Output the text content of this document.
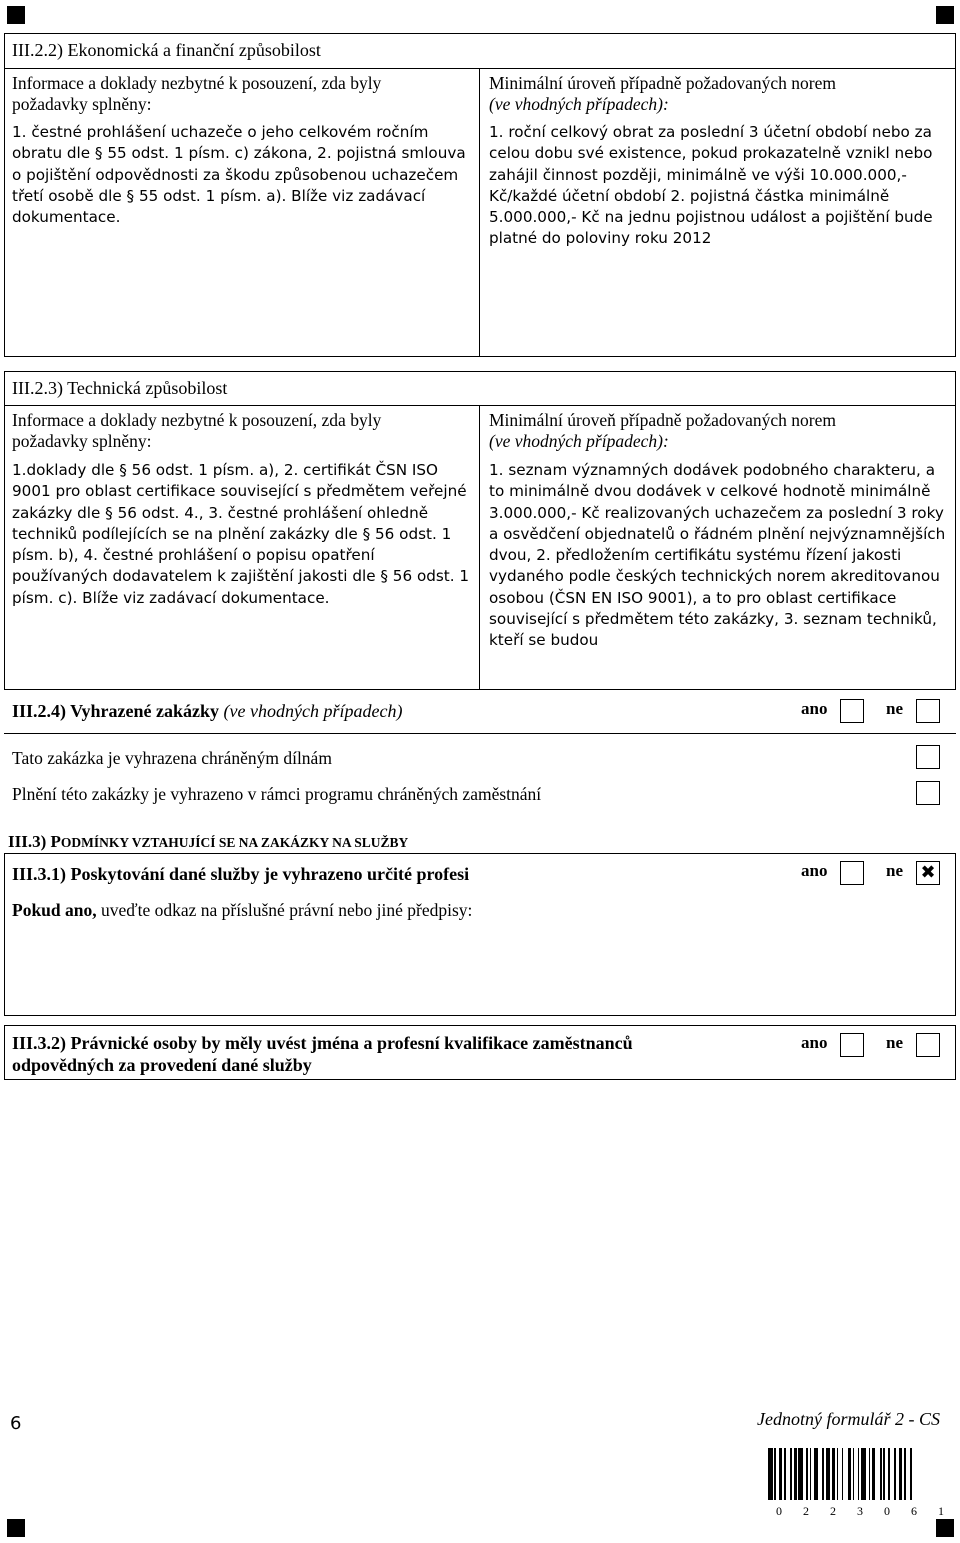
III.2.2) Ekonomická a finanční způsobilost
Informace a doklady nezbytné k posouzení, zda byly požadavky splněny:
1. čestné prohlášení uchazeče o jeho celkovém ročním obratu dle § 55 odst. 1 písm. c) zákona, 2. pojistná smlouva o pojištění odpovědnosti za škodu způsobenou uchazečem třetí osobě dle § 55 odst. 1 písm. a). Blíže viz zadávací dokumentace.
Minimální úroveň případně požadovaných norem
(ve vhodných případech):
1. roční celkový obrat za poslední 3 účetní období nebo za celou dobu své existence, pokud prokazatelně vznikl nebo zahájil činnost později, minimálně ve výši 10.000.000,- Kč/každé účetní období 2. pojistná částka minimálně 5.000.000,- Kč na jednu pojistnou událost a pojištění bude platné do poloviny roku 2012
III.2.3) Technická způsobilost
Informace a doklady nezbytné k posouzení, zda byly požadavky splněny:
1.doklady dle § 56 odst. 1 písm. a), 2. certifikát ČSN ISO 9001 pro oblast certifikace související s předmětem veřejné zakázky dle § 56 odst. 4., 3. čestné prohlášení ohledně techniků podílejících se na plnění zakázky dle § 56 odst. 1 písm. b), 4. čestné prohlášení o popisu opatření používaných dodavatelem k zajištění jakosti dle § 56 odst. 1 písm. c). Blíže viz zadávací dokumentace.
Minimální úroveň případně požadovaných norem
(ve vhodných případech):
1. seznam významných dodávek podobného charakteru, a to minimálně dvou dodávek v celkové hodnotě minimálně 3.000.000,- Kč realizovaných uchazečem za poslední 3 roky a osvědčení objednatelů o řádném plnění nejvýznamnějších dvou, 2. předložením certifikátu systému řízení jakosti vydaného podle českých technických norem akreditovanou osobou (ČSN EN ISO 9001), a to pro oblast certifikace související s předmětem této zakázky, 3. seznam techniků, kteří se budou
III.2.4) Vyhrazené zakázky (ve vhodných případech)	ano	ne
Tato zakázka je vyhrazena chráněným dílnám
Plnění této zakázky je vyhrazeno v rámci programu chráněných zaměstnání
III.3) PODMÍNKY VZTAHUJÍCÍ SE NA ZAKÁZKY NA SLUŽBY
III.3.1) Poskytování dané služby je vyhrazeno určité profesi	ano	ne ✖
Pokud ano, uveďte odkaz na příslušné právní nebo jiné předpisy:
III.3.2) Právnické osoby by měly uvést jména a profesní kvalifikace zaměstnanců odpovědných za provedení dané služby
ano	ne
6	Jednotný formulář 2 - CS
0 2 2 3 0 6 1
